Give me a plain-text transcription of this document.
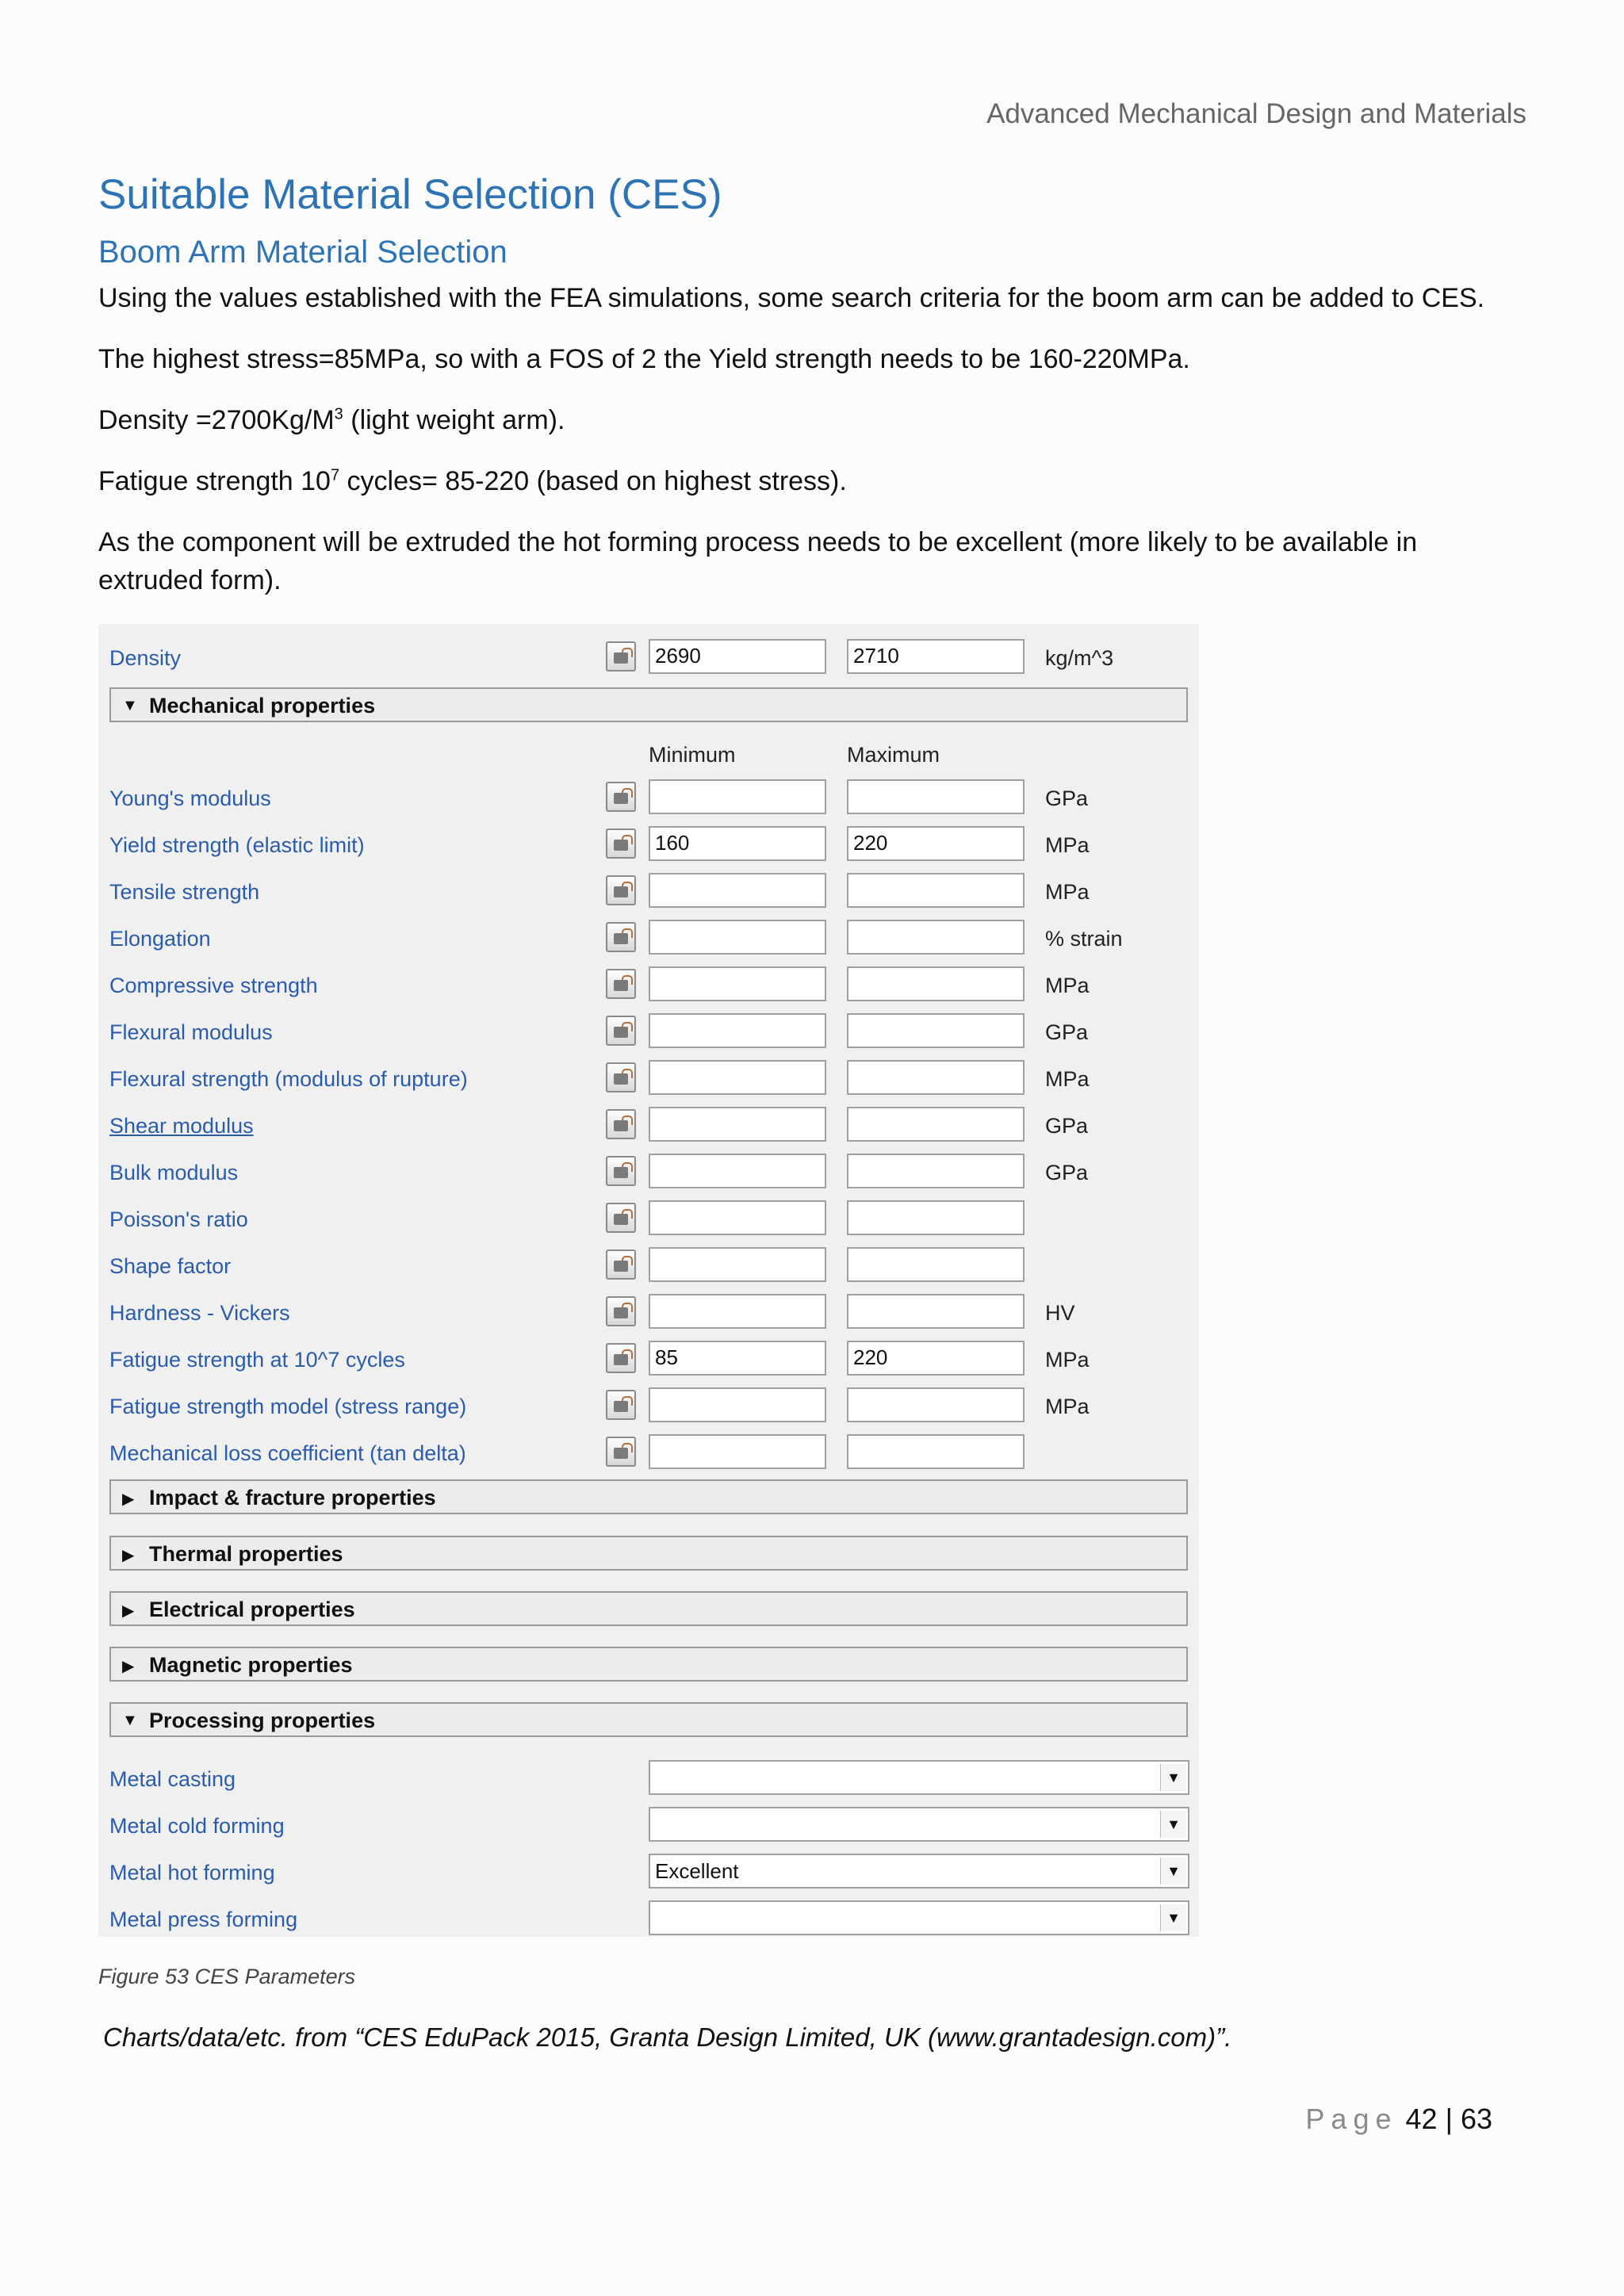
Advanced Mechanical Design and Materials
Suitable Material Selection (CES)
Boom Arm Material Selection

Using the values established with the FEA simulations, some search criteria for the boom arm can be added to CES.

The highest stress=85MPa, so with a FOS of 2 the Yield strength needs to be 160-220MPa.

Density $=2700Kg/M^3$ (light weight arm).

Fatigue strength $10^7$ cycles= 85-220 (based on highest stress).

As the component will be extruded the hot forming process needs to be excellent (more likely to be available in extruded form).

Density	2690	2710	kg/m^3
▼ Mechanical properties
Minimum	Maximum
Young's modulus	GPa
Yield strength (elastic limit)	160	220	MPa
Tensile strength	MPa
Elongation	% strain
Compressive strength	MPa
Flexural modulus	GPa
Flexural strength (modulus of rupture)	MPa
Shear modulus	GPa
Bulk modulus	GPa
Poisson's ratio
Shape factor
Hardness - Vickers	HV
Fatigue strength at 10^7 cycles	85	220	MPa
Fatigue strength model (stress range)	MPa
Mechanical loss coefficient (tan delta)
▶ Impact & fracture properties
▶ Thermal properties
▶ Electrical properties
▶ Magnetic properties
▼ Processing properties
Metal casting	▼
Metal cold forming	▼
Metal hot forming	Excellent	▼
Metal press forming	▼
Figure 53 CES Parameters
Charts/data/etc. from “CES EduPack 2015, Granta Design Limited, UK (www.grantadesign.com)”.
Page 42 | 63
